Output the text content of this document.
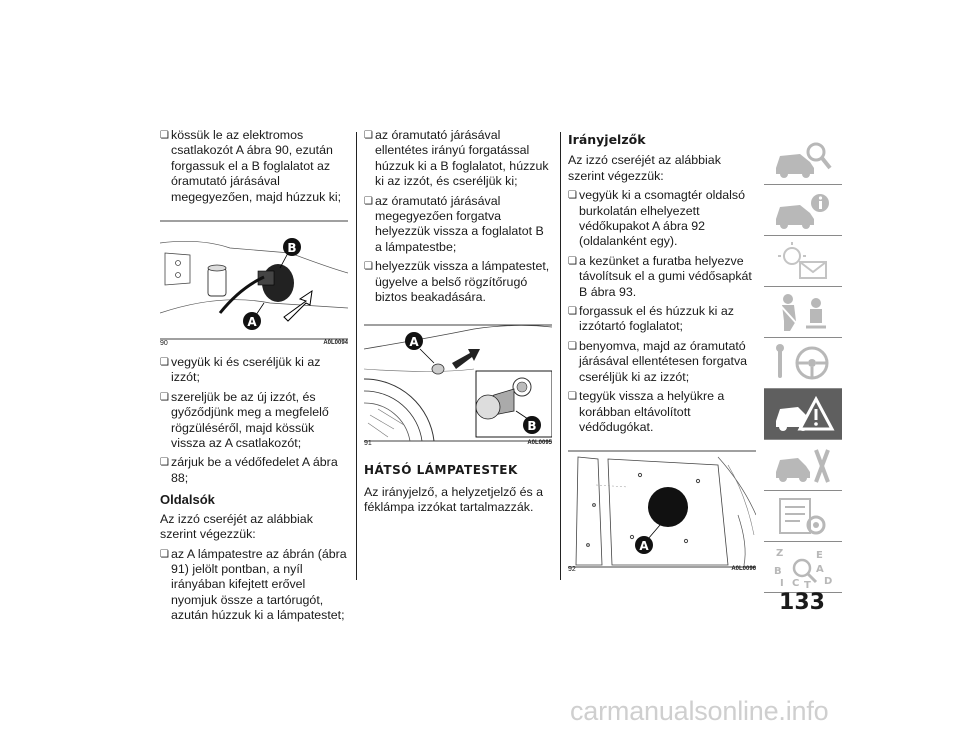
❏ kössük le az elektromos csatlakozót A ábra 90, ezután forgassuk el a B foglalatot az óramutató járásával megegyezően, majd húzzuk ki;

B
A
90	A0L0094

❏ vegyük ki és cseréljük ki az izzót;

❏ szereljük be az új izzót, és győződjünk meg a megfelelő rögzüléséről, majd kössük vissza az A csatlakozót;

❏ zárjuk be a védőfedelet A ábra 88;

Oldalsók

Az izzó cseréjét az alábbiak szerint végezzük:

❏ az A lámpatestre az ábrán (ábra 91) jelölt pontban, a nyíl irányában kifejtett erővel nyomjuk össze a tartórugót, azután húzzuk ki a lámpatestet;

❏ az óramutató járásával ellentétes irányú forgatással húzzuk ki a B foglalatot, húzzuk ki az izzót, és cseréljük ki;

❏ az óramutató járásával megegyezően forgatva helyezzük vissza a foglalatot B a lámpatestbe;

❏ helyezzük vissza a lámpatestet, ügyelve a belső rögzítőrugó biztos beakadására.

A
B
91	A0L0095
HÁTSÓ LÁMPATESTEK

Az irányjelző, a helyzetjelző és a féklámpa izzókat tartalmazzák.

Irányjelzők

Az izzó cseréjét az alábbiak szerint végezzük:

❏ vegyük ki a csomagtér oldalsó burkolatán elhelyezett védőkupakot A ábra 92 (oldalanként egy).

❏ a kezünket a furatba helyezve távolítsuk el a gumi védősapkát B ábra 93.

❏ forgassuk el és húzzuk ki az izzótartó foglalatot;

❏ benyomva, majd az óramutató járásával ellentétesen forgatva cseréljük ki az izzót;

❏ tegyük vissza a helyükre a korábban eltávolított védődugókat.

A
92	A0L0096
Z
B
E
A
I C T D
133
carmanualsonline.info
